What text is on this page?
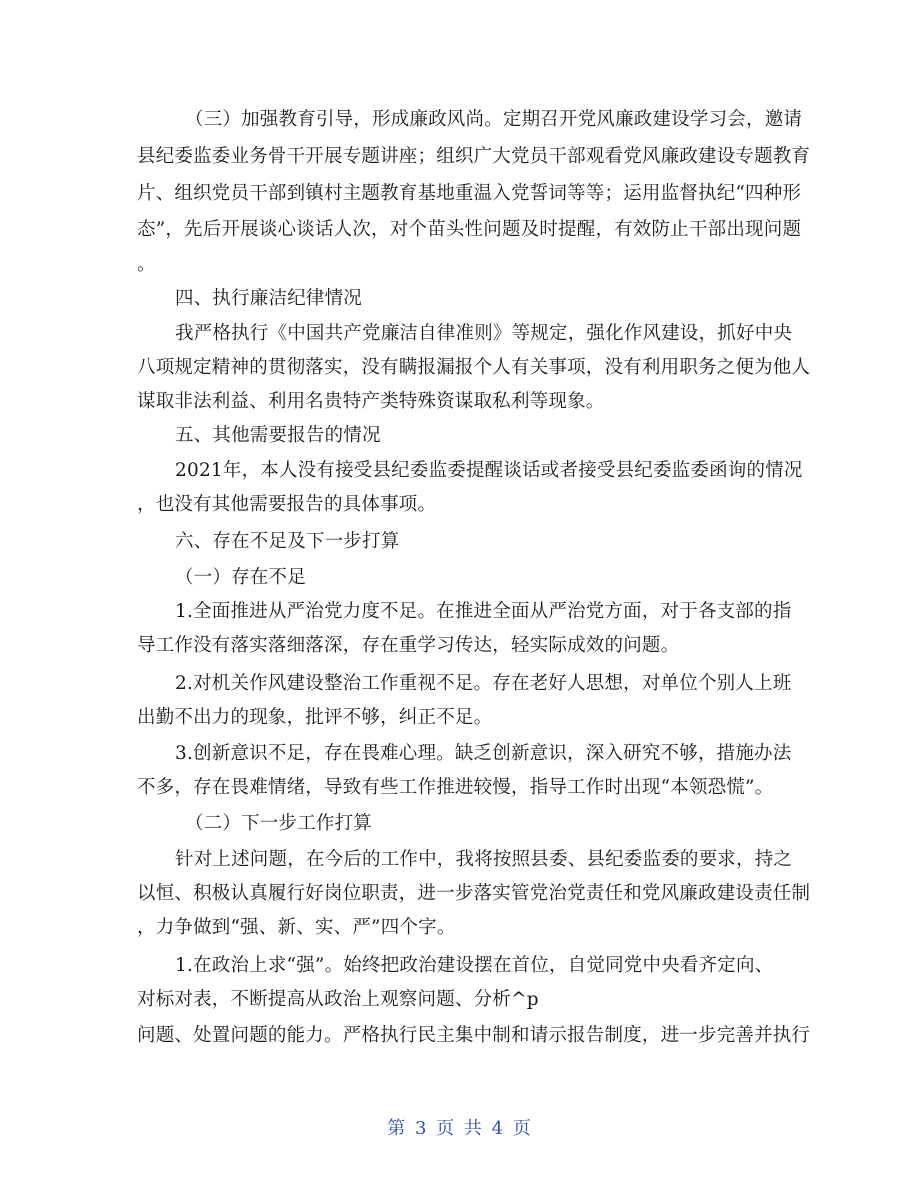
（三）加强教育引导，形成廉政风尚。定期召开党风廉政建设学习会，邀请
县纪委监委业务骨干开展专题讲座；组织广大党员干部观看党风廉政建设专题教育
片、组织党员干部到镇村主题教育基地重温入党誓词等等；运用监督执纪“四种形
态”，先后开展谈心谈话人次，对个苗头性问题及时提醒，有效防止干部出现问题
。
四、执行廉洁纪律情况
我严格执行《中国共产党廉洁自律准则》等规定，强化作风建设，抓好中央
八项规定精神的贯彻落实，没有瞒报漏报个人有关事项，没有利用职务之便为他人
谋取非法利益、利用名贵特产类特殊资谋取私利等现象。
五、其他需要报告的情况
2021年，本人没有接受县纪委监委提醒谈话或者接受县纪委监委函询的情况
，也没有其他需要报告的具体事项。
六、存在不足及下一步打算
（一）存在不足
1.全面推进从严治党力度不足。在推进全面从严治党方面，对于各支部的指
导工作没有落实落细落深，存在重学习传达，轻实际成效的问题。
2.对机关作风建设整治工作重视不足。存在老好人思想，对单位个别人上班
出勤不出力的现象，批评不够，纠正不足。
3.创新意识不足，存在畏难心理。缺乏创新意识，深入研究不够，措施办法
不多，存在畏难情绪，导致有些工作推进较慢，指导工作时出现“本领恐慌”。
（二）下一步工作打算
针对上述问题，在今后的工作中，我将按照县委、县纪委监委的要求，持之
以恒、积极认真履行好岗位职责，进一步落实管党治党责任和党风廉政建设责任制
，力争做到“强、新、实、严”四个字。
1.在政治上求“强”。始终把政治建设摆在首位，自觉同党中央看齐定向、
对标对表，不断提高从政治上观察问题、分析^p
问题、处置问题的能力。严格执行民主集中制和请示报告制度，进一步完善并执行
第 3 页 共 4 页
